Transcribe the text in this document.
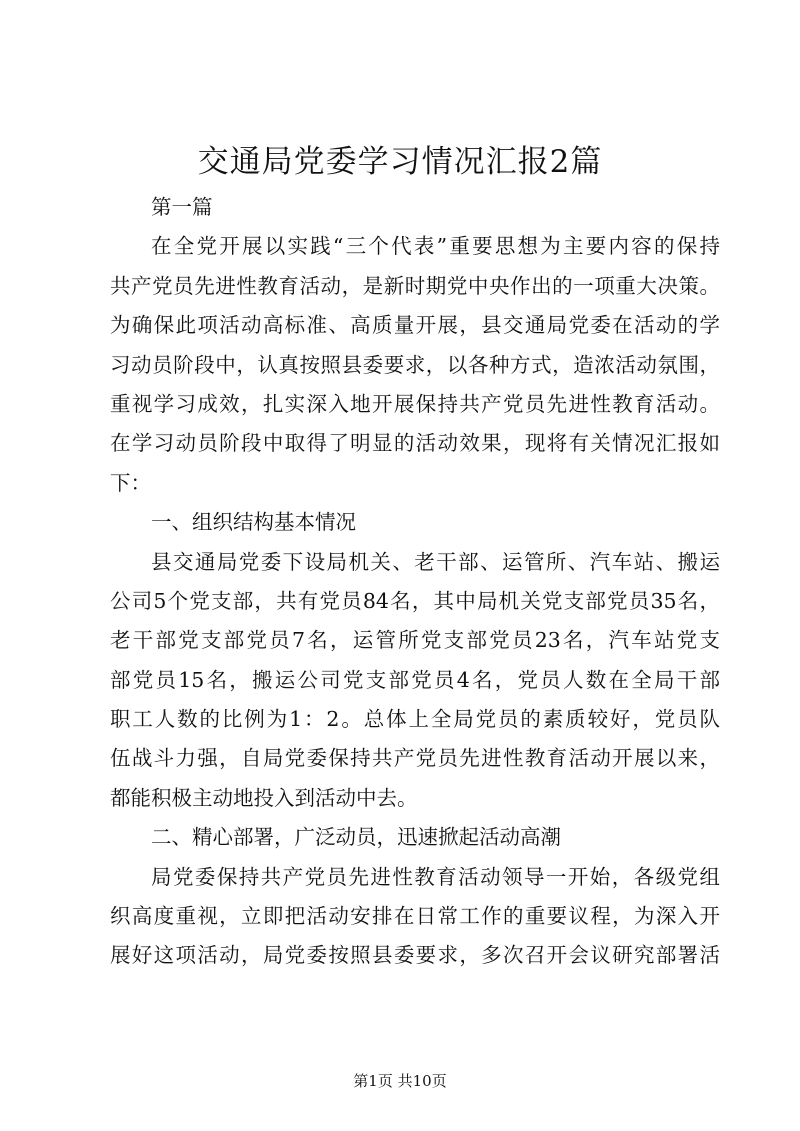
交通局党委学习情况汇报2篇
第一篇
在全党开展以实践“三个代表”重要思想为主要内容的保持
共产党员先进性教育活动，是新时期党中央作出的一项重大决策。
为确保此项活动高标准、高质量开展，县交通局党委在活动的学
习动员阶段中，认真按照县委要求，以各种方式，造浓活动氛围，
重视学习成效，扎实深入地开展保持共产党员先进性教育活动。
在学习动员阶段中取得了明显的活动效果，现将有关情况汇报如
下：
一、组织结构基本情况
县交通局党委下设局机关、老干部、运管所、汽车站、搬运
公司5个党支部，共有党员84名，其中局机关党支部党员35名，
老干部党支部党员7名，运管所党支部党员23名，汽车站党支
部党员15名，搬运公司党支部党员4名，党员人数在全局干部
职工人数的比例为1：2。总体上全局党员的素质较好，党员队
伍战斗力强，自局党委保持共产党员先进性教育活动开展以来，
都能积极主动地投入到活动中去。
二、精心部署，广泛动员，迅速掀起活动高潮
局党委保持共产党员先进性教育活动领导一开始，各级党组
织高度重视，立即把活动安排在日常工作的重要议程，为深入开
展好这项活动，局党委按照县委要求，多次召开会议研究部署活
第1页 共10页
